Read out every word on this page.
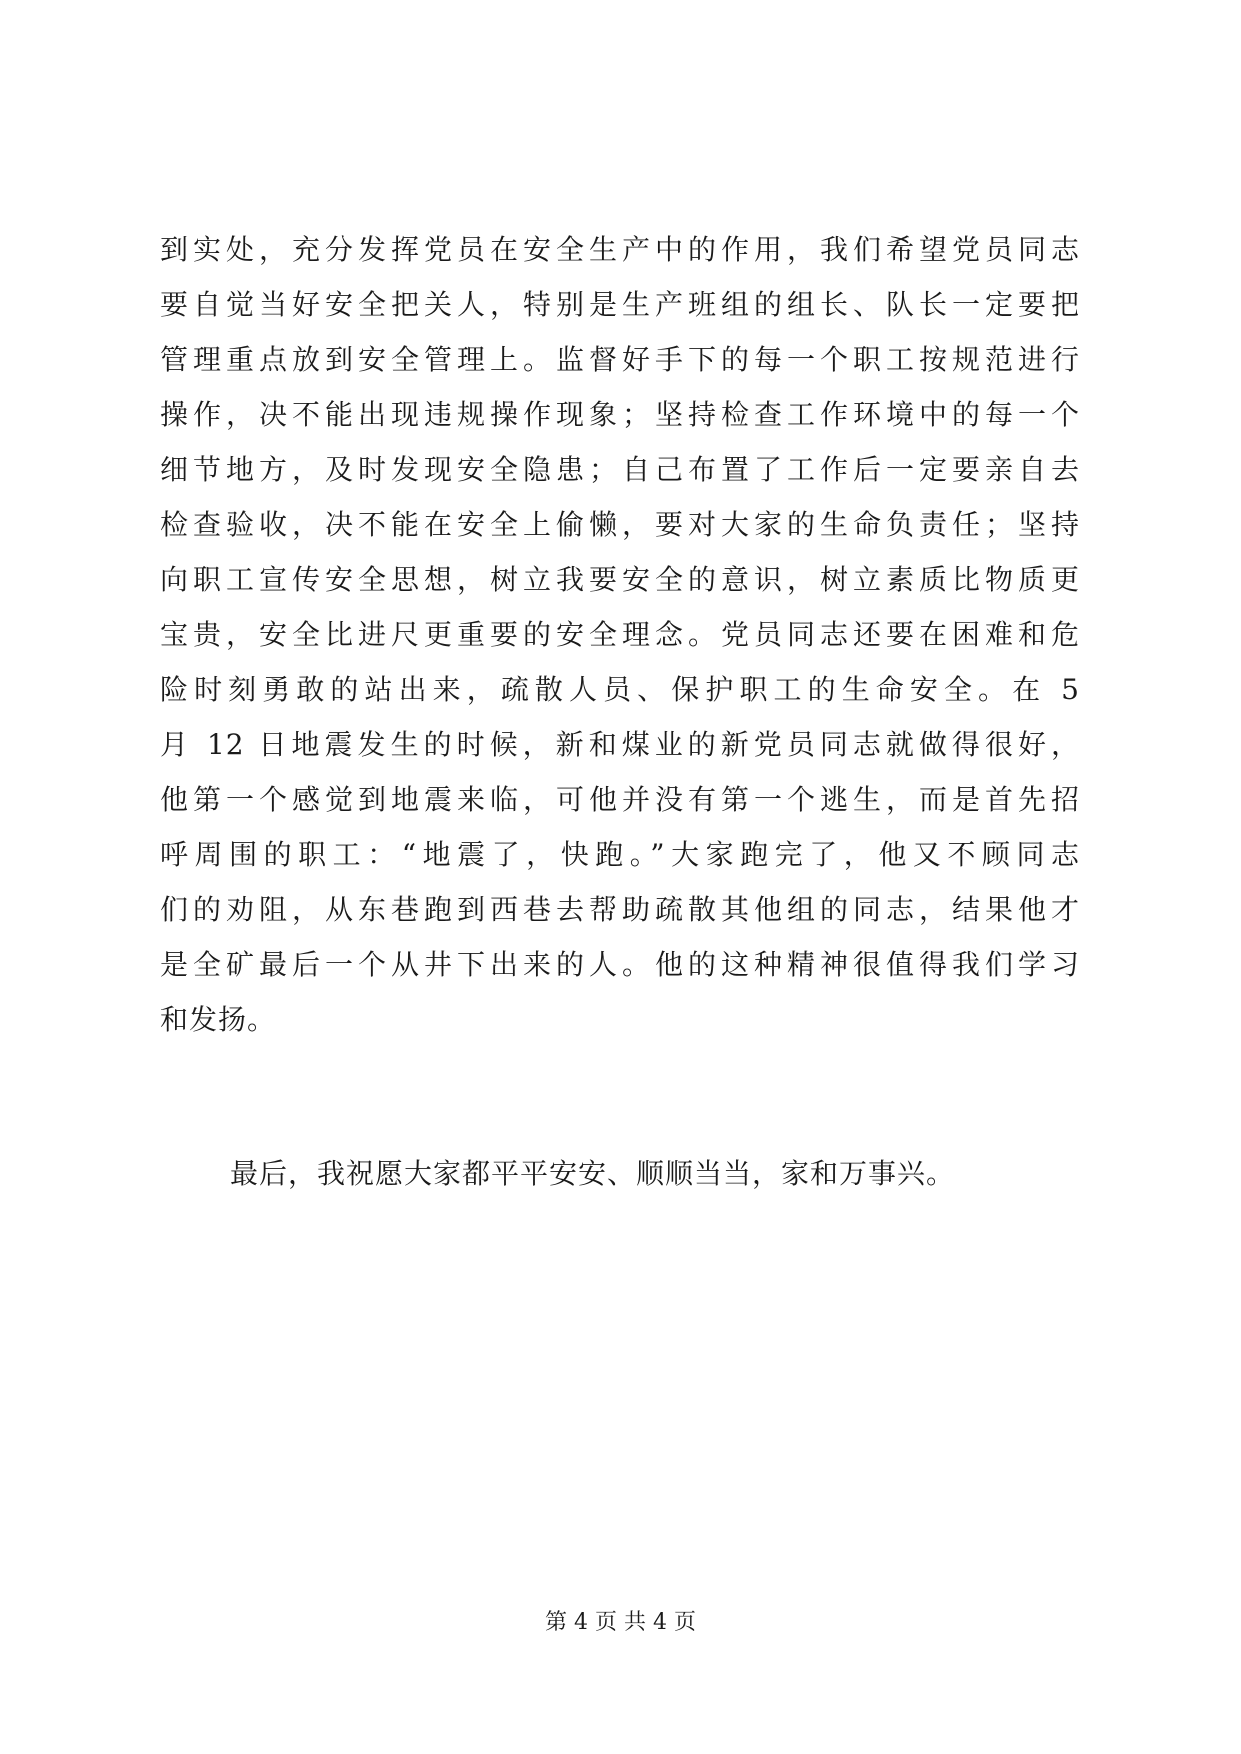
到实处，充分发挥党员在安全生产中的作用，我们希望党员同志
要自觉当好安全把关人，特别是生产班组的组长、队长一定要把
管理重点放到安全管理上。监督好手下的每一个职工按规范进行
操作，决不能出现违规操作现象；坚持检查工作环境中的每一个
细节地方，及时发现安全隐患；自己布置了工作后一定要亲自去
检查验收，决不能在安全上偷懒，要对大家的生命负责任；坚持
向职工宣传安全思想，树立我要安全的意识，树立素质比物质更
宝贵，安全比进尺更重要的安全理念。党员同志还要在困难和危
险时刻勇敢的站出来，疏散人员、保护职工的生命安全。在 5
月 12 日地震发生的时候，新和煤业的新党员同志就做得很好，
他第一个感觉到地震来临，可他并没有第一个逃生，而是首先招
呼周围的职工：“地震了，快跑。”大家跑完了，他又不顾同志
们的劝阻，从东巷跑到西巷去帮助疏散其他组的同志，结果他才
是全矿最后一个从井下出来的人。他的这种精神很值得我们学习
和发扬。
最后，我祝愿大家都平平安安、顺顺当当，家和万事兴。
第 4 页 共 4 页
